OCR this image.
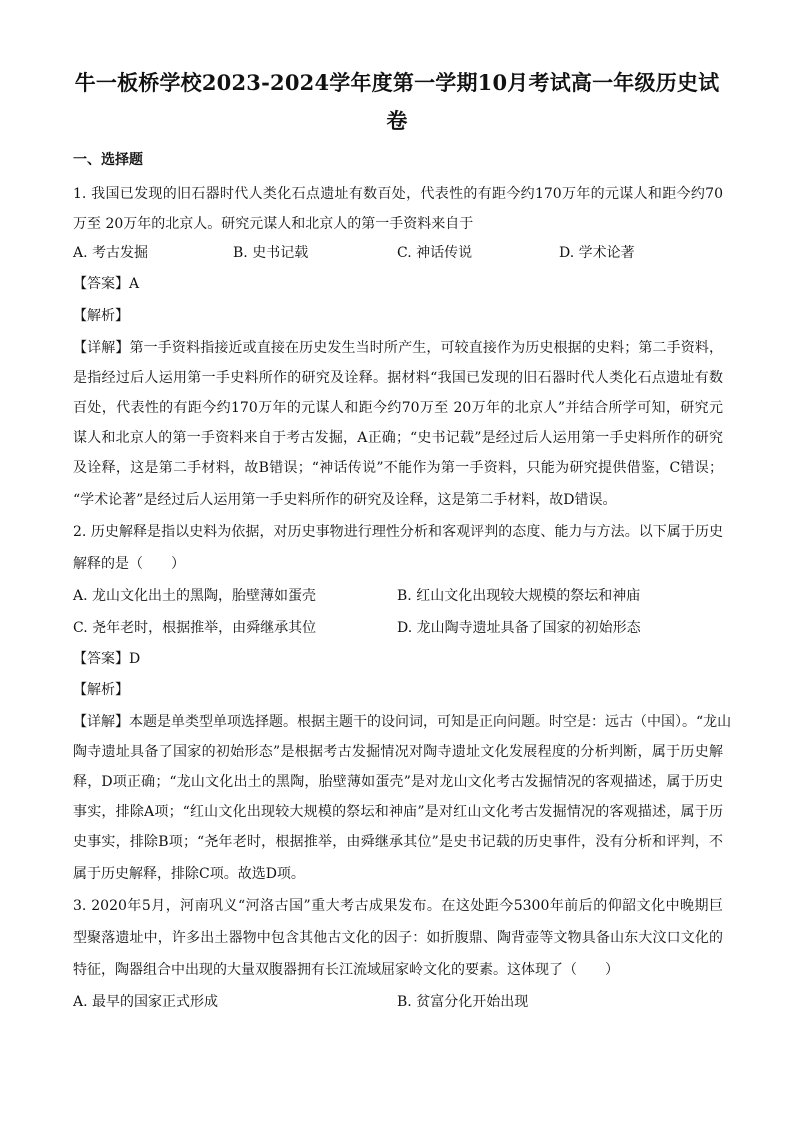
牛一板桥学校2023-2024学年度第一学期10月考试高一年级历史试
卷
一、选择题
1. 我国已发现的旧石器时代人类化石点遗址有数百处，代表性的有距今约170万年的元谋人和距今约70
万至 20万年的北京人。研究元谋人和北京人的第一手资料来自于
A. 考古发掘	B. 史书记载	C. 神话传说	D. 学术论著
【答案】A
【解析】
【详解】第一手资料指接近或直接在历史发生当时所产生，可较直接作为历史根据的史料；第二手资料，
是指经过后人运用第一手史料所作的研究及诠释。据材料“我国已发现的旧石器时代人类化石点遗址有数
百处，代表性的有距今约170万年的元谋人和距今约70万至 20万年的北京人”并结合所学可知，研究元
谋人和北京人的第一手资料来自于考古发掘，A正确；“史书记载”是经过后人运用第一手史料所作的研究
及诠释，这是第二手材料，故B错误；“神话传说”不能作为第一手资料，只能为研究提供借鉴，C错误；
“学术论著”是经过后人运用第一手史料所作的研究及诠释，这是第二手材料，故D错误。
2. 历史解释是指以史料为依据，对历史事物进行理性分析和客观评判的态度、能力与方法。以下属于历史
解释的是（　　）
A. 龙山文化出土的黑陶，胎壁薄如蛋壳	B. 红山文化出现较大规模的祭坛和神庙
C. 尧年老时，根据推举，由舜继承其位	D. 龙山陶寺遗址具备了国家的初始形态
【答案】D
【解析】
【详解】本题是单类型单项选择题。根据主题干的设问词，可知是正向问题。时空是：远古（中国）。“龙山
陶寺遗址具备了国家的初始形态”是根据考古发掘情况对陶寺遗址文化发展程度的分析判断，属于历史解
释，D项正确；“龙山文化出土的黑陶，胎壁薄如蛋壳”是对龙山文化考古发掘情况的客观描述，属于历史
事实，排除A项；“红山文化出现较大规模的祭坛和神庙”是对红山文化考古发掘情况的客观描述，属于历
史事实，排除B项；“尧年老时，根据推举，由舜继承其位”是史书记载的历史事件，没有分析和评判，不
属于历史解释，排除C项。故选D项。
3. 2020年5月，河南巩义“河洛古国”重大考古成果发布。在这处距今5300年前后的仰韶文化中晚期巨
型聚落遗址中，许多出土器物中包含其他古文化的因子：如折腹鼎、陶背壶等文物具备山东大汶口文化的
特征，陶器组合中出现的大量双腹器拥有长江流域屈家岭文化的要素。这体现了（　　）
A. 最早的国家正式形成	B. 贫富分化开始出现
